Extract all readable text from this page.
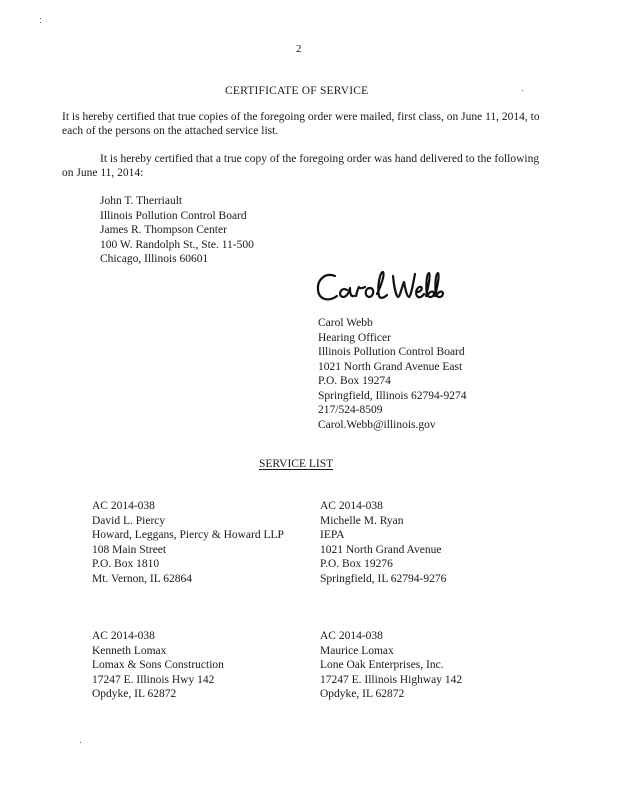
2
CERTIFICATE OF SERVICE
It is hereby certified that true copies of the foregoing order were mailed, first class, on June 11, 2014, to each of the persons on the attached service list.
It is hereby certified that a true copy of the foregoing order was hand delivered to the following on June 11, 2014:
John T. Therriault
Illinois Pollution Control Board
James R. Thompson Center
100 W. Randolph St., Ste. 11-500
Chicago, Illinois 60601
Carol Webb
Hearing Officer
Illinois Pollution Control Board
1021 North Grand Avenue East
P.O. Box 19274
Springfield, Illinois 62794-9274
217/524-8509
Carol.Webb@illinois.gov
SERVICE LIST
AC 2014-038
David L. Piercy
Howard, Leggans, Piercy & Howard LLP
108 Main Street
P.O. Box 1810
Mt. Vernon, IL 62864
AC 2014-038
Michelle M. Ryan
IEPA
1021 North Grand Avenue
P.O. Box 19276
Springfield, IL 62794-9276
AC 2014-038
Kenneth Lomax
Lomax & Sons Construction
17247 E. Illinois Hwy 142
Opdyke, IL 62872
AC 2014-038
Maurice Lomax
Lone Oak Enterprises, Inc.
17247 E. Illinois Highway 142
Opdyke, IL 62872
